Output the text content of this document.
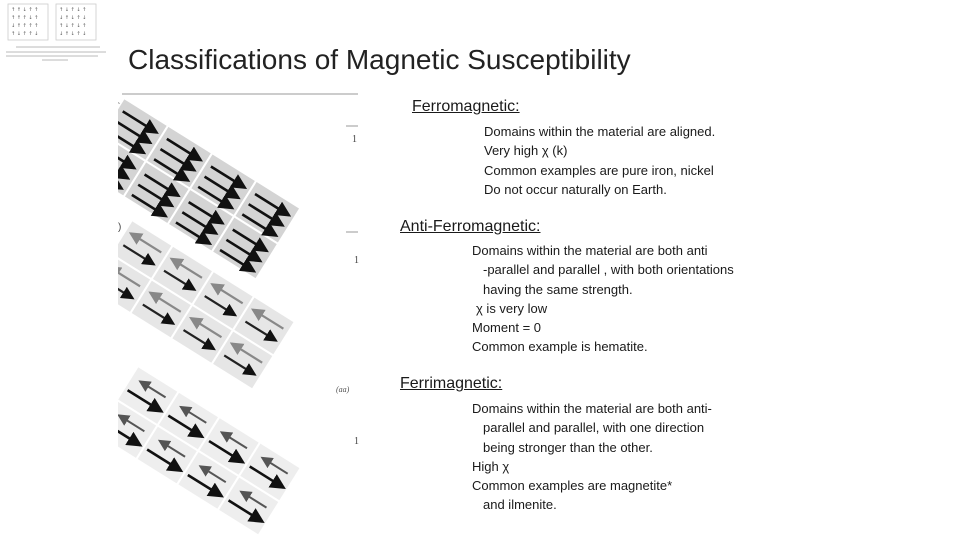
Classifications of Magnetic Susceptibility
↑ ↑ ↓ ↑ ↑
↑ ↑ ↑ ↓ ↑
↓ ↑ ↑ ↑ ↑
↑ ↓ ↑ ↑ ↓
↑ ↓ ↑ ↓ ↑
↓ ↑ ↓ ↑ ↓
↑ ↓ ↑ ↓ ↑
↓ ↑ ↓ ↑ ↓
1
1
1
(aa)
)
Ferromagnetic:
Domains within the material are aligned.
Very high χ (k)
Common examples are pure iron, nickel
Do not occur naturally on Earth.
Anti-Ferromagnetic:
Domains within the material are both anti
-parallel and parallel , with both orientations
having the same strength.
χ is very low
Moment = 0
Common example is hematite.
Ferrimagnetic:
Domains within the material are both anti-
parallel and parallel, with one direction
being stronger than the other.
High χ
Common examples are magnetite*
and ilmenite.
